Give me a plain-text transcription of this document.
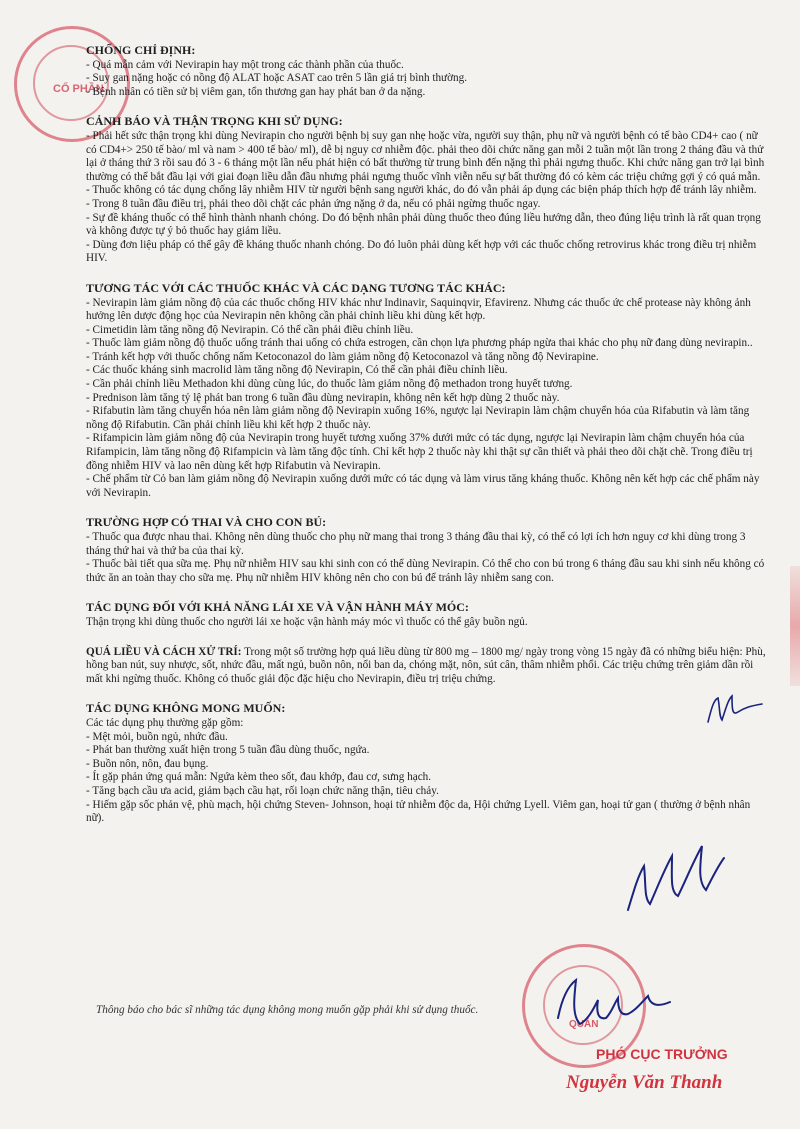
CỔ PHẦN
CHỐNG CHỈ ĐỊNH:
- Quá mẫn cảm với Nevirapin hay một trong các thành phần của thuốc.
- Suy gan nặng hoặc có nồng độ ALAT hoặc ASAT cao trên 5 lần giá trị bình thường.
- Bệnh nhân có tiền sử bị viêm gan, tổn thương gan hay phát ban ở da nặng.
CẢNH BÁO VÀ THẬN TRỌNG KHI SỬ DỤNG:
- Phải hết sức thận trọng khi dùng Nevirapin cho người bệnh bị suy gan nhẹ hoặc vừa, người suy thận, phụ nữ và người bệnh có tế bào CD4+ cao ( nữ có CD4+> 250 tế bào/ ml và nam > 400 tế bào/ ml), dễ bị nguy cơ nhiễm độc. phải theo dõi chức năng gan mỗi 2 tuần một lần trong 2 tháng đầu và thử lại ở tháng thứ 3 rồi sau đó 3 - 6 tháng một lần nếu phát hiện có bất thường từ trung bình đến nặng thì phải ngưng thuốc. Khi chức năng gan trở lại bình thường có thể bắt đầu lại với giai đoạn liều dẫn đầu nhưng phải ngưng thuốc vĩnh viễn nếu sự bất thường đó có kèm các triệu chứng gợi ý có quá mẫn.
- Thuốc không có tác dụng chống lây nhiễm HIV từ người bệnh sang người khác, do đó vẫn phải áp dụng các biện pháp thích hợp để tránh lây nhiễm.
- Trong 8 tuần đầu điều trị, phải theo dõi chặt các phản ứng nặng ở da, nếu có phải ngừng thuốc ngay.
- Sự đề kháng thuốc có thể hình thành nhanh chóng. Do đó bệnh nhân phải dùng thuốc theo đúng liều hướng dẫn, theo đúng liệu trình là rất quan trọng và không được tự ý bỏ thuốc hay giảm liều.
- Dùng đơn liệu pháp có thể gây đề kháng thuốc nhanh chóng. Do đó luôn phải dùng kết hợp với các thuốc chống retrovirus khác trong điều trị nhiễm HIV.
TƯƠNG TÁC VỚI CÁC THUỐC KHÁC VÀ CÁC DẠNG TƯƠNG TÁC KHÁC:
- Nevirapin làm giảm nồng độ của các thuốc chống HIV khác như Indinavir, Saquinqvir, Efavirenz. Nhưng các thuốc ức chế protease này không ảnh hưởng lên dược động học của Nevirapin nên không cần phải chỉnh liều khi dùng kết hợp.
- Cimetidin làm tăng nồng độ Nevirapin. Có thể cần phải điều chỉnh liều.
- Thuốc làm giảm nồng độ thuốc uống tránh thai uống có chứa estrogen, cần chọn lựa phương pháp ngừa thai khác cho phụ nữ đang dùng nevirapin..
- Tránh kết hợp với thuốc chống nấm Ketoconazol do làm giảm nồng độ Ketoconazol và tăng nồng độ Nevirapine.
- Các thuốc kháng sinh macrolid làm tăng nồng độ Nevirapin, Có thể cần phải điều chỉnh liều.
- Cần phải chỉnh liều Methadon khi dùng cùng lúc, do thuốc làm giảm nồng độ methadon trong huyết tương.
- Prednison làm tăng tỷ lệ phát ban trong 6 tuần đầu dùng nevirapin, không nên kết hợp dùng 2 thuốc này.
- Rifabutin làm tăng chuyển hóa nên làm giảm nồng độ Nevirapin xuống 16%, ngược lại Nevirapin làm chậm chuyển hóa của Rifabutin và làm tăng nồng độ Rifabutin. Cần phải chỉnh liều khi kết hợp 2 thuốc này.
- Rifampicin làm giảm nồng độ của Nevirapin trong huyết tương xuống 37% dưới mức có tác dụng, ngược lại Nevirapin làm chậm chuyển hóa của Rifampicin, làm tăng nồng độ Rifampicin và làm tăng độc tính. Chỉ kết hợp 2 thuốc này khi thật sự cần thiết và phải theo dõi chặt chẽ. Trong điều trị đồng nhiễm HIV và lao nên dùng kết hợp Rifabutin và Nevirapin.
- Chế phẩm từ Cỏ ban làm giảm nồng độ Nevirapin xuống dưới mức có tác dụng và làm virus tăng kháng thuốc. Không nên kết hợp các chế phẩm này với Nevirapin.
TRƯỜNG HỢP CÓ THAI VÀ CHO CON BÚ:
- Thuốc qua được nhau thai. Không nên dùng thuốc cho phụ nữ mang thai trong 3 tháng đầu thai kỳ, có thể có lợi ích hơn nguy cơ khi dùng trong 3 tháng thứ hai và thứ ba của thai kỳ.
- Thuốc bài tiết qua sữa mẹ. Phụ nữ nhiễm HIV sau khi sinh con có thể dùng Nevirapin. Có thể cho con bú trong 6 tháng đầu sau khi sinh nếu không có thức ăn an toàn thay cho sữa mẹ. Phụ nữ nhiễm HIV không nên cho con bú để tránh lây nhiễm sang con.
TÁC DỤNG ĐỐI VỚI KHẢ NĂNG LÁI XE VÀ VẬN HÀNH MÁY MÓC:
Thận trọng khi dùng thuốc cho người lái xe hoặc vận hành máy móc vì thuốc có thể gây buồn ngủ.
QUÁ LIỀU VÀ CÁCH XỬ TRÍ: Trong một số trường hợp quá liều dùng từ 800 mg – 1800 mg/ ngày trong vòng 15 ngày đã có những biểu hiện: Phù, hồng ban nút, suy nhược, sốt, nhức đầu, mất ngủ, buồn nôn, nổi ban da, chóng mặt, nôn, sút cân, thâm nhiễm phổi. Các triệu chứng trên giảm dần rồi mất khi ngừng thuốc. Không có thuốc giải độc đặc hiệu cho Nevirapin, điều trị triệu chứng.
TÁC DỤNG KHÔNG MONG MUỐN:
Các tác dụng phụ thường gặp gồm:
- Mệt mỏi, buồn ngủ, nhức đầu.
- Phát ban thường xuất hiện trong 5 tuần đầu dùng thuốc, ngứa.
- Buồn nôn, nôn, đau bụng.
- Ít gặp phản ứng quá mẫn: Ngứa kèm theo sốt, đau khớp, đau cơ, sưng hạch.
- Tăng bạch cầu ưa acid, giảm bạch cầu hạt, rối loạn chức năng thận, tiêu chảy.
- Hiếm gặp sốc phản vệ, phù mạch, hội chứng Steven- Johnson, hoại tử nhiễm độc da, Hội chứng Lyell. Viêm gan, hoại tử gan ( thường ở bệnh nhân nữ).
Thông báo cho bác sĩ những tác dụng không mong muốn gặp phải khi sử dụng thuốc.
QUẢN
PHÓ CỤC TRƯỞNG
Nguyễn Văn Thanh
